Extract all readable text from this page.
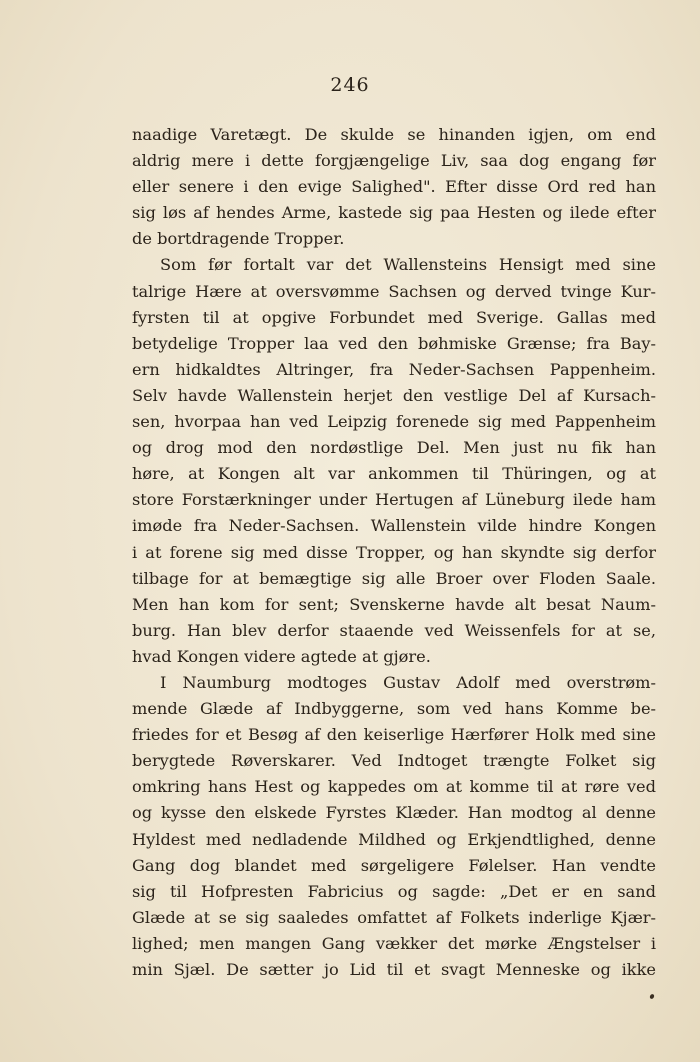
246
naadige Varetægt. De skulde se hinanden igjen, om end
aldrig mere i dette forgjængelige Liv, saa dog engang før
eller senere i den evige Salighed". Efter disse Ord red han
sig løs af hendes Arme, kastede sig paa Hesten og ilede efter
de bortdragende Tropper.
Som før fortalt var det Wallensteins Hensigt med sine
talrige Hære at oversvømme Sachsen og derved tvinge Kur-
fyrsten til at opgive Forbundet med Sverige. Gallas med
betydelige Tropper laa ved den bøhmiske Grænse; fra Bay-
ern hidkaldtes Altringer, fra Neder-Sachsen Pappenheim.
Selv havde Wallenstein herjet den vestlige Del af Kursach-
sen, hvorpaa han ved Leipzig forenede sig med Pappenheim
og drog mod den nordøstlige Del. Men just nu fik han
høre, at Kongen alt var ankommen til Thüringen, og at
store Forstærkninger under Hertugen af Lüneburg ilede ham
imøde fra Neder-Sachsen. Wallenstein vilde hindre Kongen
i at forene sig med disse Tropper, og han skyndte sig derfor
tilbage for at bemægtige sig alle Broer over Floden Saale.
Men han kom for sent; Svenskerne havde alt besat Naum-
burg. Han blev derfor staaende ved Weissenfels for at se,
hvad Kongen videre agtede at gjøre.
I Naumburg modtoges Gustav Adolf med overstrøm-
mende Glæde af Indbyggerne, som ved hans Komme be-
friedes for et Besøg af den keiserlige Hærfører Holk med sine
berygtede Røverskarer. Ved Indtoget trængte Folket sig
omkring hans Hest og kappedes om at komme til at røre ved
og kysse den elskede Fyrstes Klæder. Han modtog al denne
Hyldest med nedladende Mildhed og Erkjendtlighed, denne
Gang dog blandet med sørgeligere Følelser. Han vendte
sig til Hofpresten Fabricius og sagde: „Det er en sand
Glæde at se sig saaledes omfattet af Folkets inderlige Kjær-
lighed; men mangen Gang vækker det mørke Ængstelser i
min Sjæl. De sætter jo Lid til et svagt Menneske og ikke
